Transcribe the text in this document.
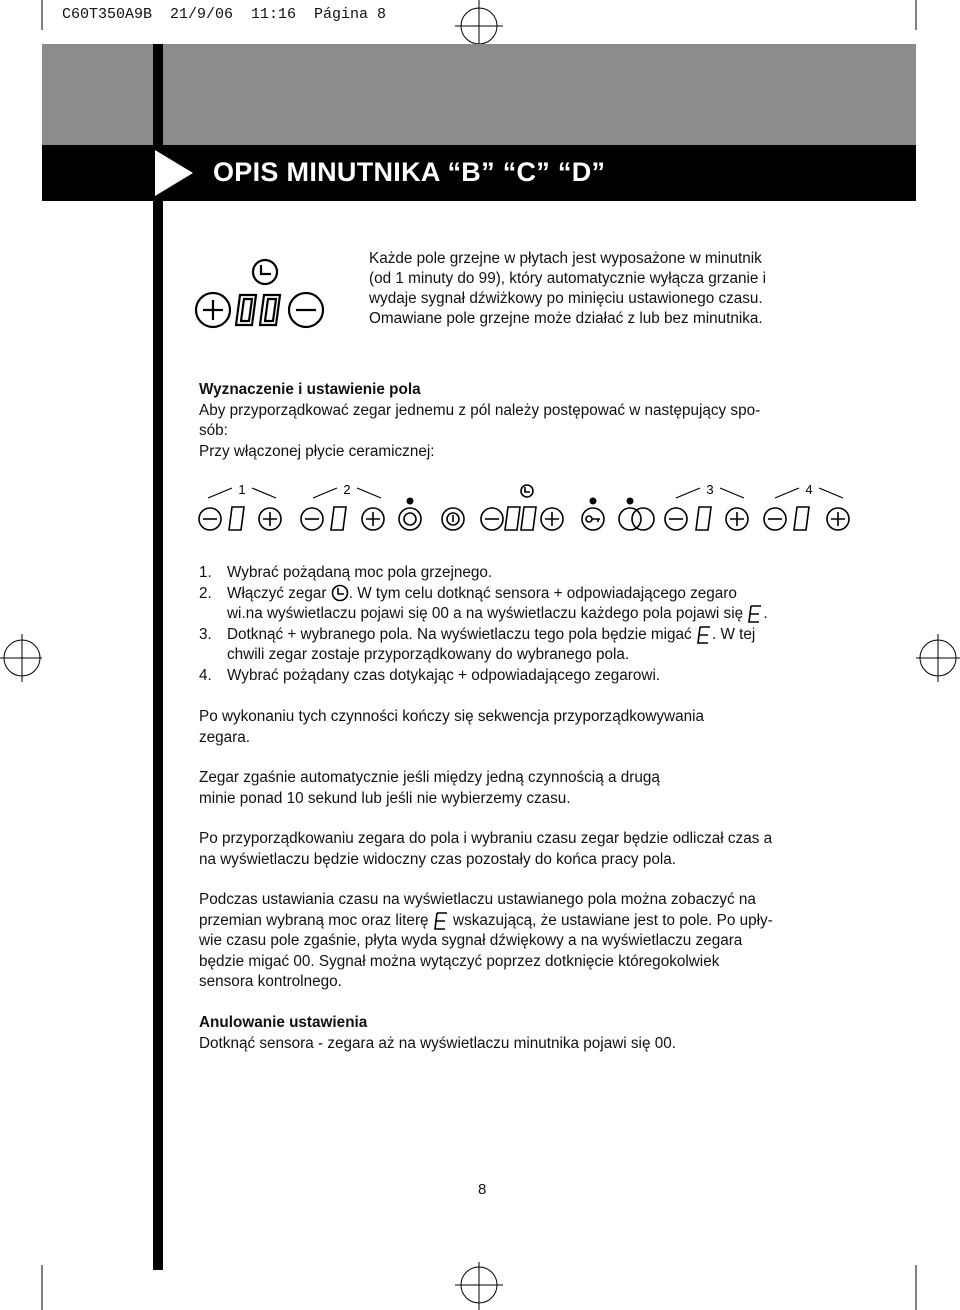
C60T350A9B  21/9/06  11:16  Página 8
OPIS MINUTNIKA “B” “C” “D”
Każde pole grzejne w płytach jest wyposażone w minutnik
(od 1 minuty do 99), który automatycznie wyłącza grzanie i
wydaje sygnał dźwiżkowy po minięciu ustawionego czasu.
Omawiane pole grzejne może działać z lub bez minutnika.
Wyznaczenie i ustawienie pola
Aby przyporządkować zegar jednemu z pól należy postępować w następujący spo-
sób:
Przy włączonej płycie ceramicznej:
1	2	3	4
1. Wybrać pożądaną moc pola grzejnego.
2. Włączyć zegar . W tym celu dotknąć sensora + odpowiadającego zegaro
wi.na wyświetlaczu pojawi się 00 a na wyświetlaczu każdego pola pojawi się .
3. Dotknąć + wybranego pola. Na wyświetlaczu tego pola będzie migać . W tej
chwili zegar zostaje przyporządkowany do wybranego pola.
4. Wybrać pożądany czas dotykając + odpowiadającego zegarowi.
Po wykonaniu tych czynności kończy się sekwencja przyporządkowywania
zegara.
Zegar zgaśnie automatycznie jeśli między jedną czynnością a drugą
minie ponad 10 sekund lub jeśli nie wybierzemy czasu.
Po przyporządkowaniu zegara do pola i wybraniu czasu zegar będzie odliczał czas a
na wyświetlaczu będzie widoczny czas pozostały do końca pracy pola.
Podczas ustawiania czasu na wyświetlaczu ustawianego pola można zobaczyć na
przemian wybraną moc oraz literę wskazującą, że ustawiane jest to pole. Po upły-
wie czasu pole zgaśnie, płyta wyda sygnał dźwiękowy a na wyświetlaczu zegara
będzie migać 00. Sygnał można wytączyć poprzez dotknięcie któregokolwiek
sensora kontrolnego.
Anulowanie ustawienia
Dotknąć sensora - zegara aż na wyświetlaczu minutnika pojawi się 00.
8
